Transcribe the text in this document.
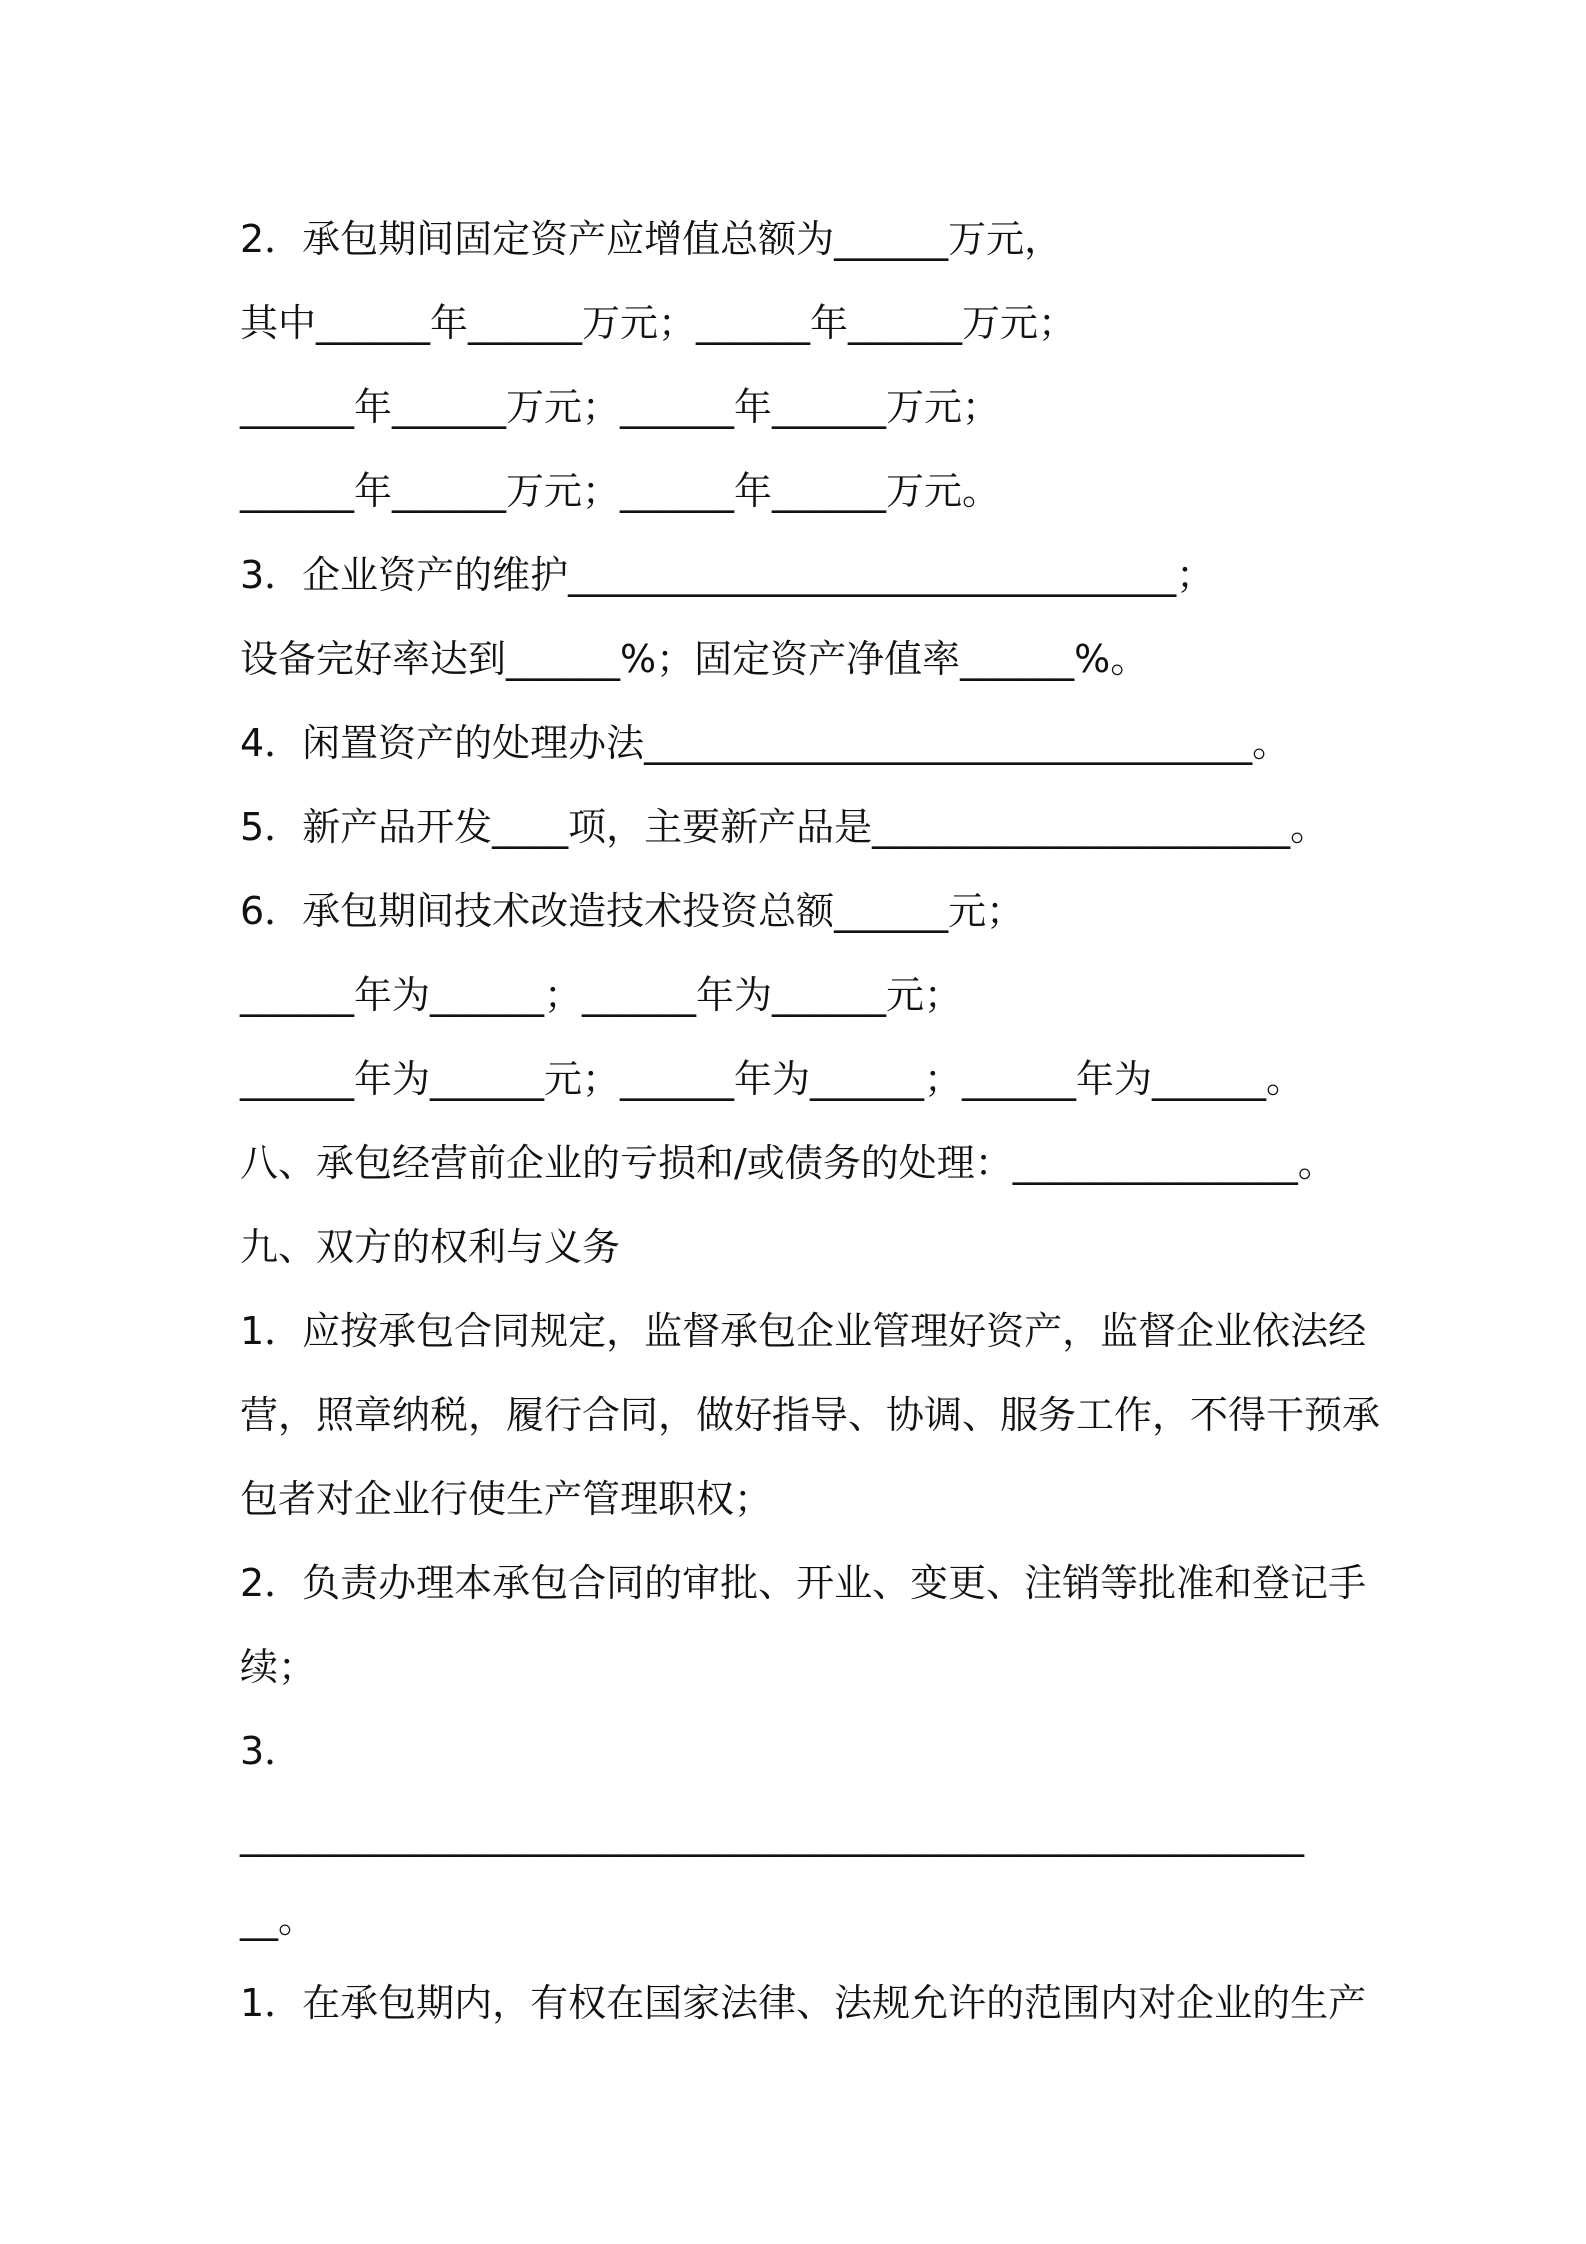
2．承包期间固定资产应增值总额为______万元，
其中______年______万元；______年______万元；
______年______万元；______年______万元；
______年______万元；______年______万元。
3．企业资产的维护________________________________；
设备完好率达到______%；固定资产净值率______%。
4．闲置资产的处理办法________________________________。
5．新产品开发____项，主要新产品是______________________。
6．承包期间技术改造技术投资总额______元；
______年为______；______年为______元；
______年为______元；______年为______；______年为______。
八、承包经营前企业的亏损和/或债务的处理：_______________。
九、双方的权利与义务
1．应按承包合同规定，监督承包企业管理好资产，监督企业依法经
营，照章纳税，履行合同，做好指导、协调、服务工作，不得干预承
包者对企业行使生产管理职权；
2．负责办理本承包合同的审批、开业、变更、注销等批准和登记手
续；
3．
________________________________________________________
__。
1．在承包期内，有权在国家法律、法规允许的范围内对企业的生产
